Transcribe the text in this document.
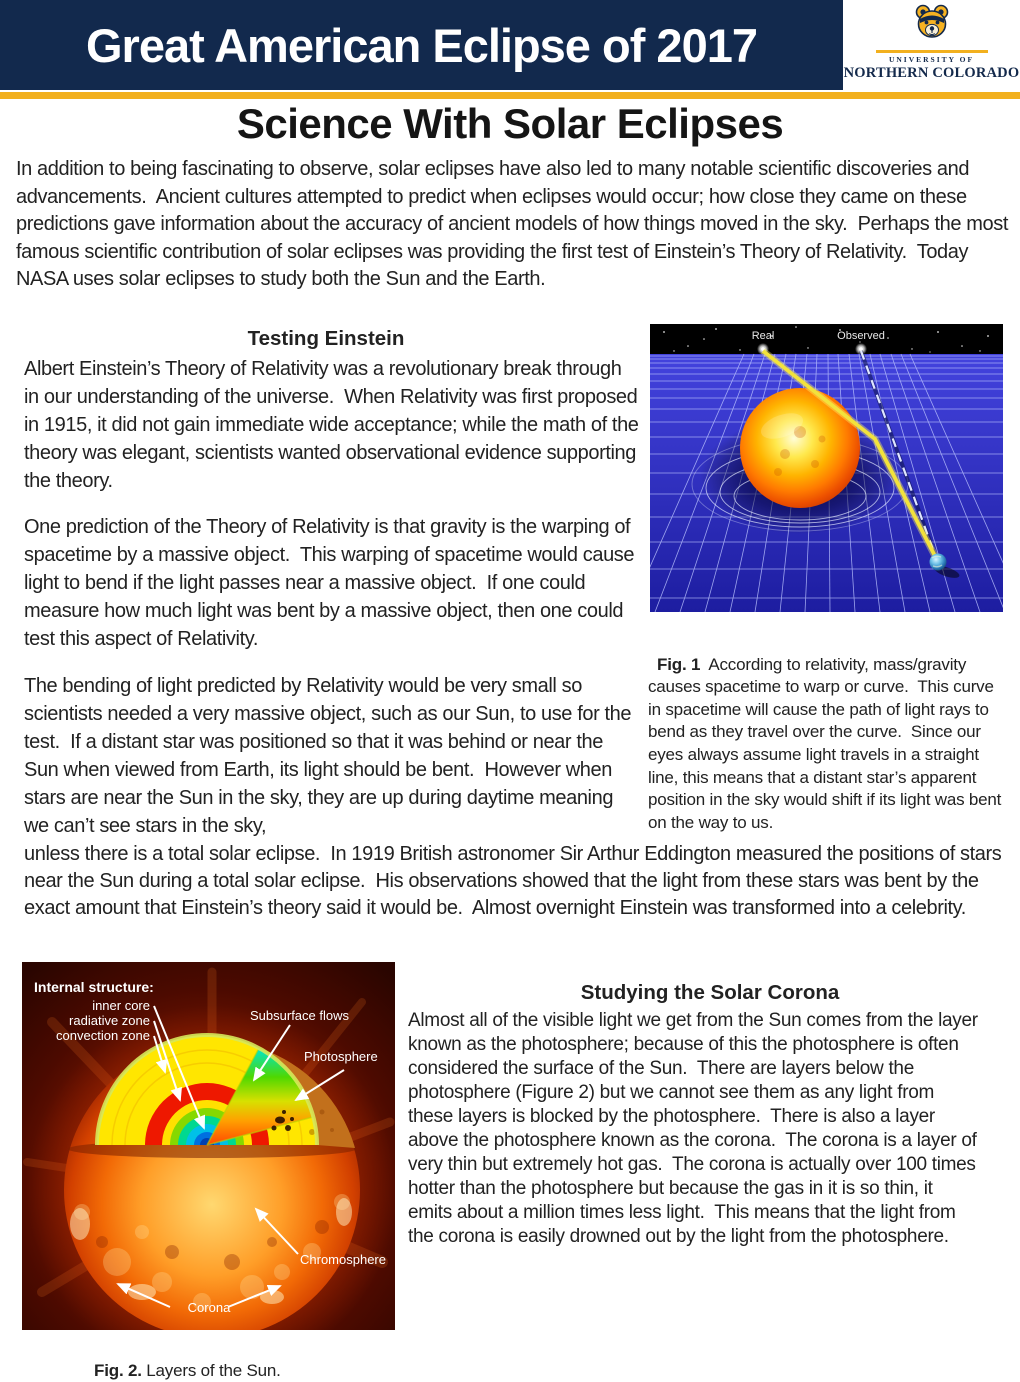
Great American Eclipse of 2017	UNIVERSITY OF
NORTHERN COLORADO
Science With Solar Eclipses
In addition to being fascinating to observe, solar eclipses have also led to many notable scientific discoveries and advancements.  Ancient cultures attempted to predict when eclipses would occur; how close they came on these predictions gave information about the accuracy of ancient models of how things moved in the sky.  Perhaps the most famous scientific contribution of solar eclipses was providing the first test of Einstein’s Theory of Relativity.  Today NASA uses solar eclipses to study both the Sun and the Earth.
Testing Einstein
Albert Einstein’s Theory of Relativity was a revolutionary break through in our understanding of the universe.  When Relativity was first proposed in 1915, it did not gain immediate wide acceptance; while the math of the theory was elegant, scientists wanted observational evidence supporting the theory.
One prediction of the Theory of Relativity is that gravity is the warping of spacetime by a massive object.  This warping of spacetime would cause light to bend if the light passes near a massive object.  If one could measure how much light was bent by a massive object, then one could test this aspect of Relativity.
The bending of light predicted by Relativity would be very small so scientists needed a very massive object, such as our Sun, to use for the test.  If a distant star was positioned so that it was behind or near the Sun when viewed from Earth, its light should be bent.  However when stars are near the Sun in the sky, they are up during daytime meaning we can’t see stars in the sky,
unless there is a total solar eclipse.  In 1919 British astronomer Sir Arthur Eddington measured the positions of stars near the Sun during a total solar eclipse.  His observations showed that the light from these stars was bent by the exact amount that Einstein’s theory said it would be.  Almost overnight Einstein was transformed into a celebrity.
Real	Observed

Fig. 1  According to relativity, mass/gravity causes spacetime to warp or curve.  This curve in spacetime will cause the path of light rays to bend as they travel over the curve.  Since our eyes always assume light travels in a straight line, this means that a distant star’s apparent position in the sky would shift if its light was bent on the way to us.

Studying the Solar Corona
Almost all of the visible light we get from the Sun comes from the layer known as the photosphere; because of this the photosphere is often considered the surface of the Sun.  There are layers below the photosphere (Figure 2) but we cannot see them as any light from these layers is blocked by the photosphere.  There is also a layer above the photosphere known as the corona.  The corona is a layer of very thin but extremely hot gas.  The corona is actually over 100 times hotter than the photosphere but because the gas in it is so thin, it emits about a million times less light.  This means that the light from the corona is easily drowned out by the light from the photosphere.
Internal structure:
inner core
radiative zone
convection zone
Subsurface flows
Photosphere
Chromosphere
Corona

Fig. 2. Layers of the Sun.
